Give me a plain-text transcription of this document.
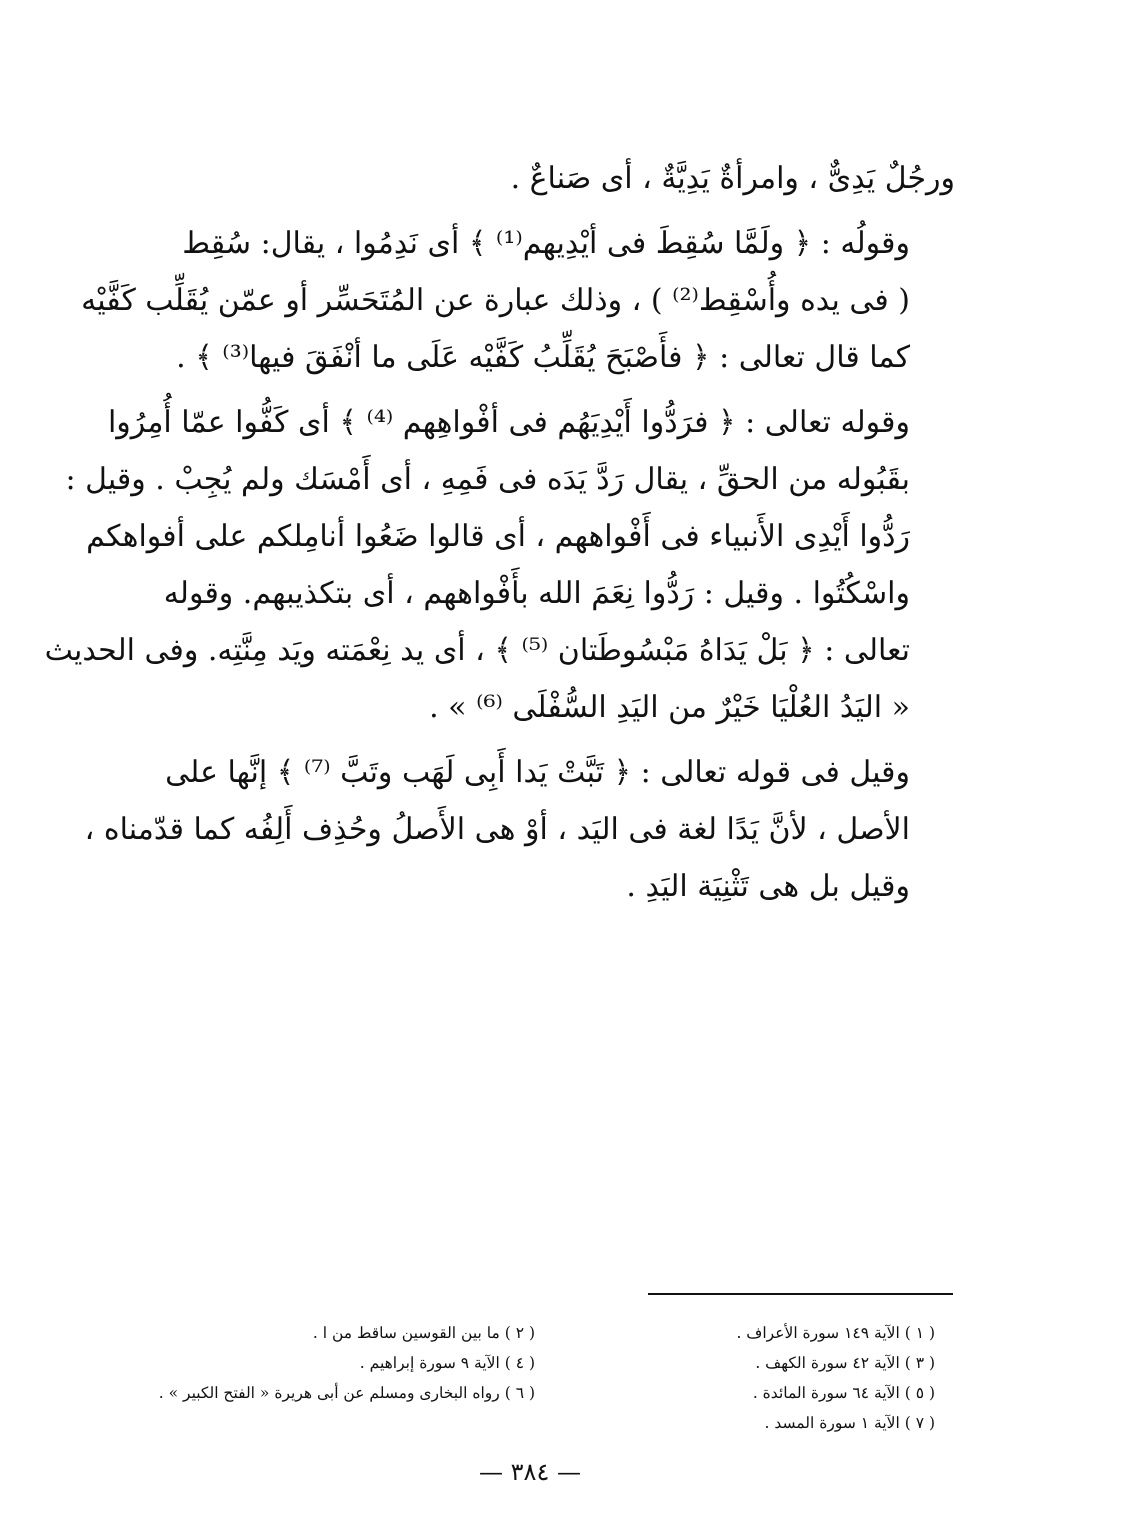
ورجُلٌ يَدِىٌّ ، وامرأةٌ يَدِيَّةٌ ، أى صَناعٌ .

وقولُه : ﴿ ولَمَّا سُقِطَ فى أيْدِيهم⁽¹⁾ ﴾ أى نَدِمُوا ، يقال: سُقِط
( فى يده وأُسْقِط⁽²⁾ ) ، وذلك عبارة عن المُتَحَسِّر أو عمّن يُقَلِّب كَفَّيْه
كما قال تعالى : ﴿ فأَصْبَحَ يُقَلِّبُ كَفَّيْه عَلَى ما أنْفَقَ فيها⁽³⁾ ﴾ .

وقوله تعالى : ﴿ فرَدُّوا أَيْدِيَهُم فى أفْواهِهم ⁽⁴⁾ ﴾ أى كَفُّوا عمّا أُمِرُوا
بقَبُوله من الحقِّ ، يقال رَدَّ يَدَه فى فَمِهِ ، أى أَمْسَك ولم يُجِبْ . وقيل :
رَدُّوا أَيْدِى الأَنبياء فى أَفْواههم ، أى قالوا ضَعُوا أنامِلكم على أفواهكم
واسْكُتُوا . وقيل : رَدُّوا نِعَمَ الله بأَفْواههم ، أى بتكذيبهم. وقوله
تعالى : ﴿ بَلْ يَدَاهُ مَبْسُوطَتان ⁽⁵⁾ ﴾ ، أى يد نِعْمَته ويَد مِنَّتِه. وفى الحديث
« اليَدُ العُلْيَا خَيْرٌ من اليَدِ السُّفْلَى ⁽⁶⁾ » .

وقيل فى قوله تعالى : ﴿ تَبَّتْ يَدا أَبِى لَهَب وتَبَّ ⁽⁷⁾ ﴾ إنَّها على
الأصل ، لأنَّ يَدًا لغة فى اليَد ، أوْ هى الأَصلُ وحُذِف أَلِفُه كما قدّمناه ،
وقيل بل هى تَثْنِيَة اليَدِ .

( ١ ) الآية ١٤٩ سورة الأعراف .
( ٣ ) الآية ٤٢ سورة الكهف .
( ٥ ) الآية ٦٤ سورة المائدة .
( ٧ ) الآية ١ سورة المسد .
( ٢ ) ما بين القوسين ساقط من ا .
( ٤ ) الآية ٩ سورة إبراهيم .
( ٦ ) رواه البخارى ومسلم عن أبى هريرة « الفتح الكبير » .
— ٣٨٤ —
